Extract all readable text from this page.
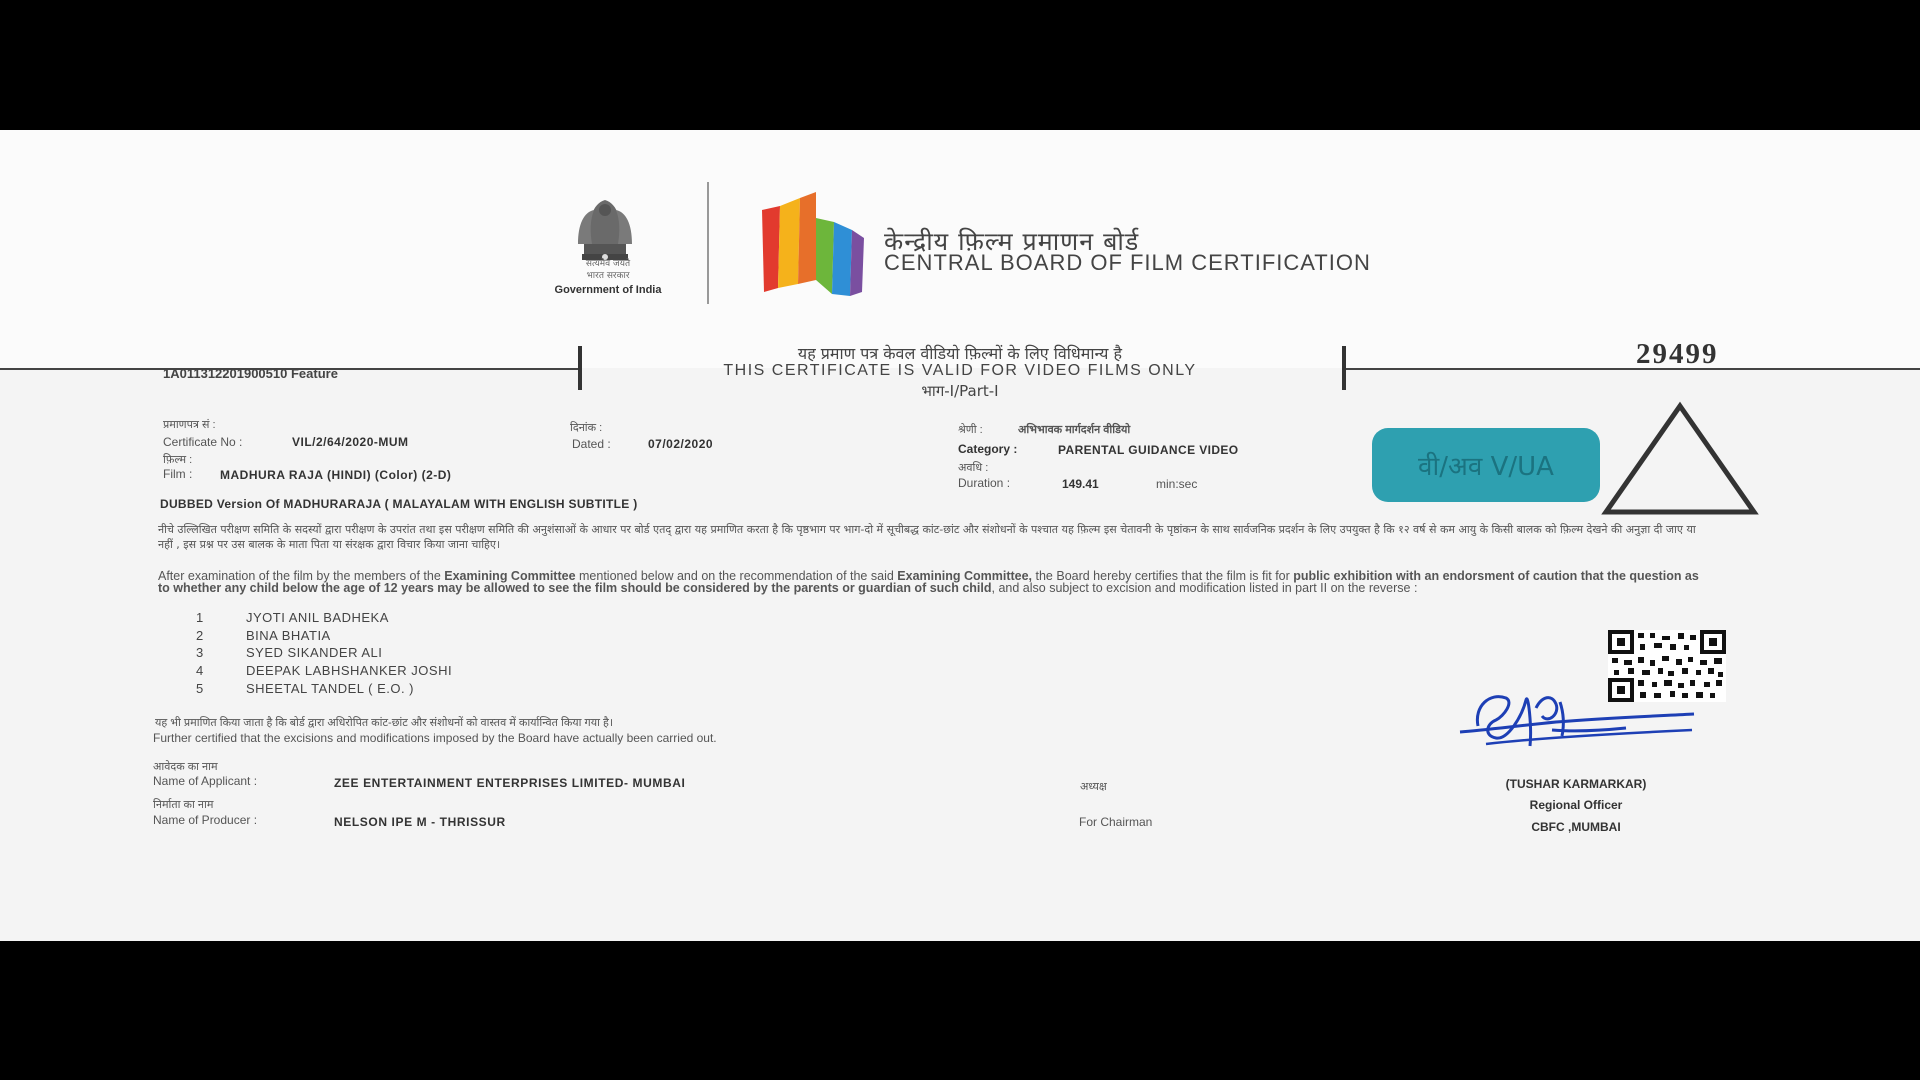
सत्यमेव जयते
भारत सरकार
Government of India
केन्द्रीय फ़िल्म प्रमाणन बोर्ड
CENTRAL BOARD OF FILM CERTIFICATION
1A011312201900510 Feature
यह प्रमाण पत्र केवल वीडियो फ़िल्मों के लिए विधिमान्य है
THIS CERTIFICATE IS VALID FOR VIDEO FILMS ONLY
भाग-I/Part-I
29499
प्रमाणपत्र सं :
Certificate No :	VIL/2/64/2020-MUM
दिनांक :
Dated :	07/02/2020
फ़िल्म :
Film : MADHURA RAJA (HINDI) (Color) (2-D)
DUBBED Version Of MADHURARAJA ( MALAYALAM WITH ENGLISH SUBTITLE )
श्रेणी :	अभिभावक मार्गदर्शन वीडियो
Category :	PARENTAL GUIDANCE VIDEO
अवधि :
Duration :	149.41	min:sec
वी/अव V/UA
नीचे उल्लिखित परीक्षण समिति के सदस्यों द्वारा परीक्षण के उपरांत तथा इस परीक्षण समिति की अनुशंसाओं के आधार पर बोर्ड एतद् द्वारा यह प्रमाणित करता है कि पृष्ठभाग पर भाग-दो में सूचीबद्ध कांट-छांट और संशोधनों के पश्चात यह फ़िल्म इस चेतावनी के पृष्ठांकन के साथ सार्वजनिक प्रदर्शन के लिए उपयुक्त है कि १२ वर्ष से कम आयु के किसी बालक को फ़िल्म देखने की अनुज्ञा दी जाए या नहीं , इस प्रश्न पर उस बालक के माता पिता या संरक्षक द्वारा विचार किया जाना चाहिए।
After examination of the film by the members of the Examining Committee mentioned below and on the recommendation of the said Examining Committee, the Board hereby certifies that the film is fit for public exhibition with an endorsment of caution that the question as to whether any child below the age of 12 years may be allowed to see the film should be considered by the parents or guardian of such child, and also subject to excision and modification listed in part II on the reverse :
1	JYOTI ANIL BADHEKA
2	BINA BHATIA
3	SYED SIKANDER ALI
4	DEEPAK LABHSHANKER JOSHI
5	SHEETAL TANDEL ( E.O. )
यह भी प्रमाणित किया जाता है कि बोर्ड द्वारा अधिरोपित कांट-छांट और संशोधनों को वास्तव में कार्यान्वित किया गया है।
Further certified that the excisions and modifications imposed by the Board have actually been carried out.
आवेदक का नाम
Name of Applicant :	ZEE ENTERTAINMENT ENTERPRISES LIMITED- MUMBAI
निर्माता का नाम
Name of Producer :	NELSON IPE M - THRISSUR
अध्यक्ष
For Chairman
(TUSHAR KARMARKAR)
Regional Officer
CBFC ,MUMBAI
